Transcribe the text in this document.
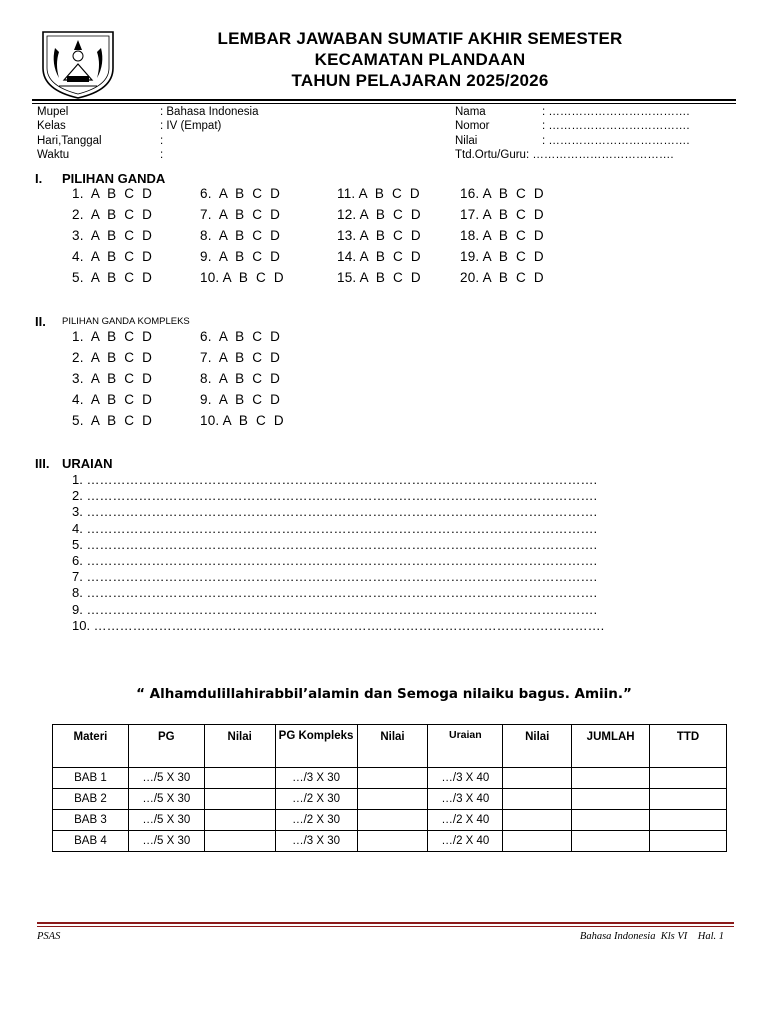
LEMBAR JAWABAN SUMATIF AKHIR SEMESTER
KECAMATAN PLANDAAN
TAHUN PELAJARAN 2025/2026
Mupel	: Bahasa Indonesia
Kelas	: IV (Empat)
Hari,Tanggal	:
Waktu	:
Nama	: ……………………………….
Nomor	: ……………………………….
Nilai	: ……………………………….
Ttd.Ortu/Guru: ……………………………….
I. PILIHAN GANDA
1.  A  B  C  D	6.  A  B  C  D	11. A  B  C  D	16. A  B  C  D
2.  A  B  C  D	7.  A  B  C  D	12. A  B  C  D	17. A  B  C  D
3.  A  B  C  D	8.  A  B  C  D	13. A  B  C  D	18. A  B  C  D
4.  A  B  C  D	9.  A  B  C  D	14. A  B  C  D	19. A  B  C  D
5.  A  B  C  D	10. A  B  C  D	15. A  B  C  D	20. A  B  C  D
II. PILIHAN GANDA KOMPLEKS
1.  A  B  C  D	6.  A  B  C  D
2.  A  B  C  D	7.  A  B  C  D
3.  A  B  C  D	8.  A  B  C  D
4.  A  B  C  D	9.  A  B  C  D
5.  A  B  C  D	10. A  B  C  D
III. URAIAN
1. ……………………………………………………………………………………………………….
2. ……………………………………………………………………………………………………….
3. ……………………………………………………………………………………………………….
4. ……………………………………………………………………………………………………….
5. ……………………………………………………………………………………………………….
6. ……………………………………………………………………………………………………….
7. ……………………………………………………………………………………………………….
8. ……………………………………………………………………………………………………….
9. ……………………………………………………………………………………………………….
10. ……………………………………………………………………………………………………….
“ Alhamdulillahirabbil’alamin dan Semoga nilaiku bagus. Amiin.”
Materi	PG	Nilai	PG Kompleks	Nilai	Uraian	Nilai	JUMLAH	TTD
BAB 1	…/5 X 30		…/3 X 30		…/3 X 40			
BAB 2	…/5 X 30		…/2 X 30		…/3 X 40			
BAB 3	…/5 X 30		…/2 X 30		…/2 X 40			
BAB 4	…/5 X 30		…/3 X 30		…/2 X 40			
PSAS	Bahasa Indonesia  Kls VI    Hal. 1
